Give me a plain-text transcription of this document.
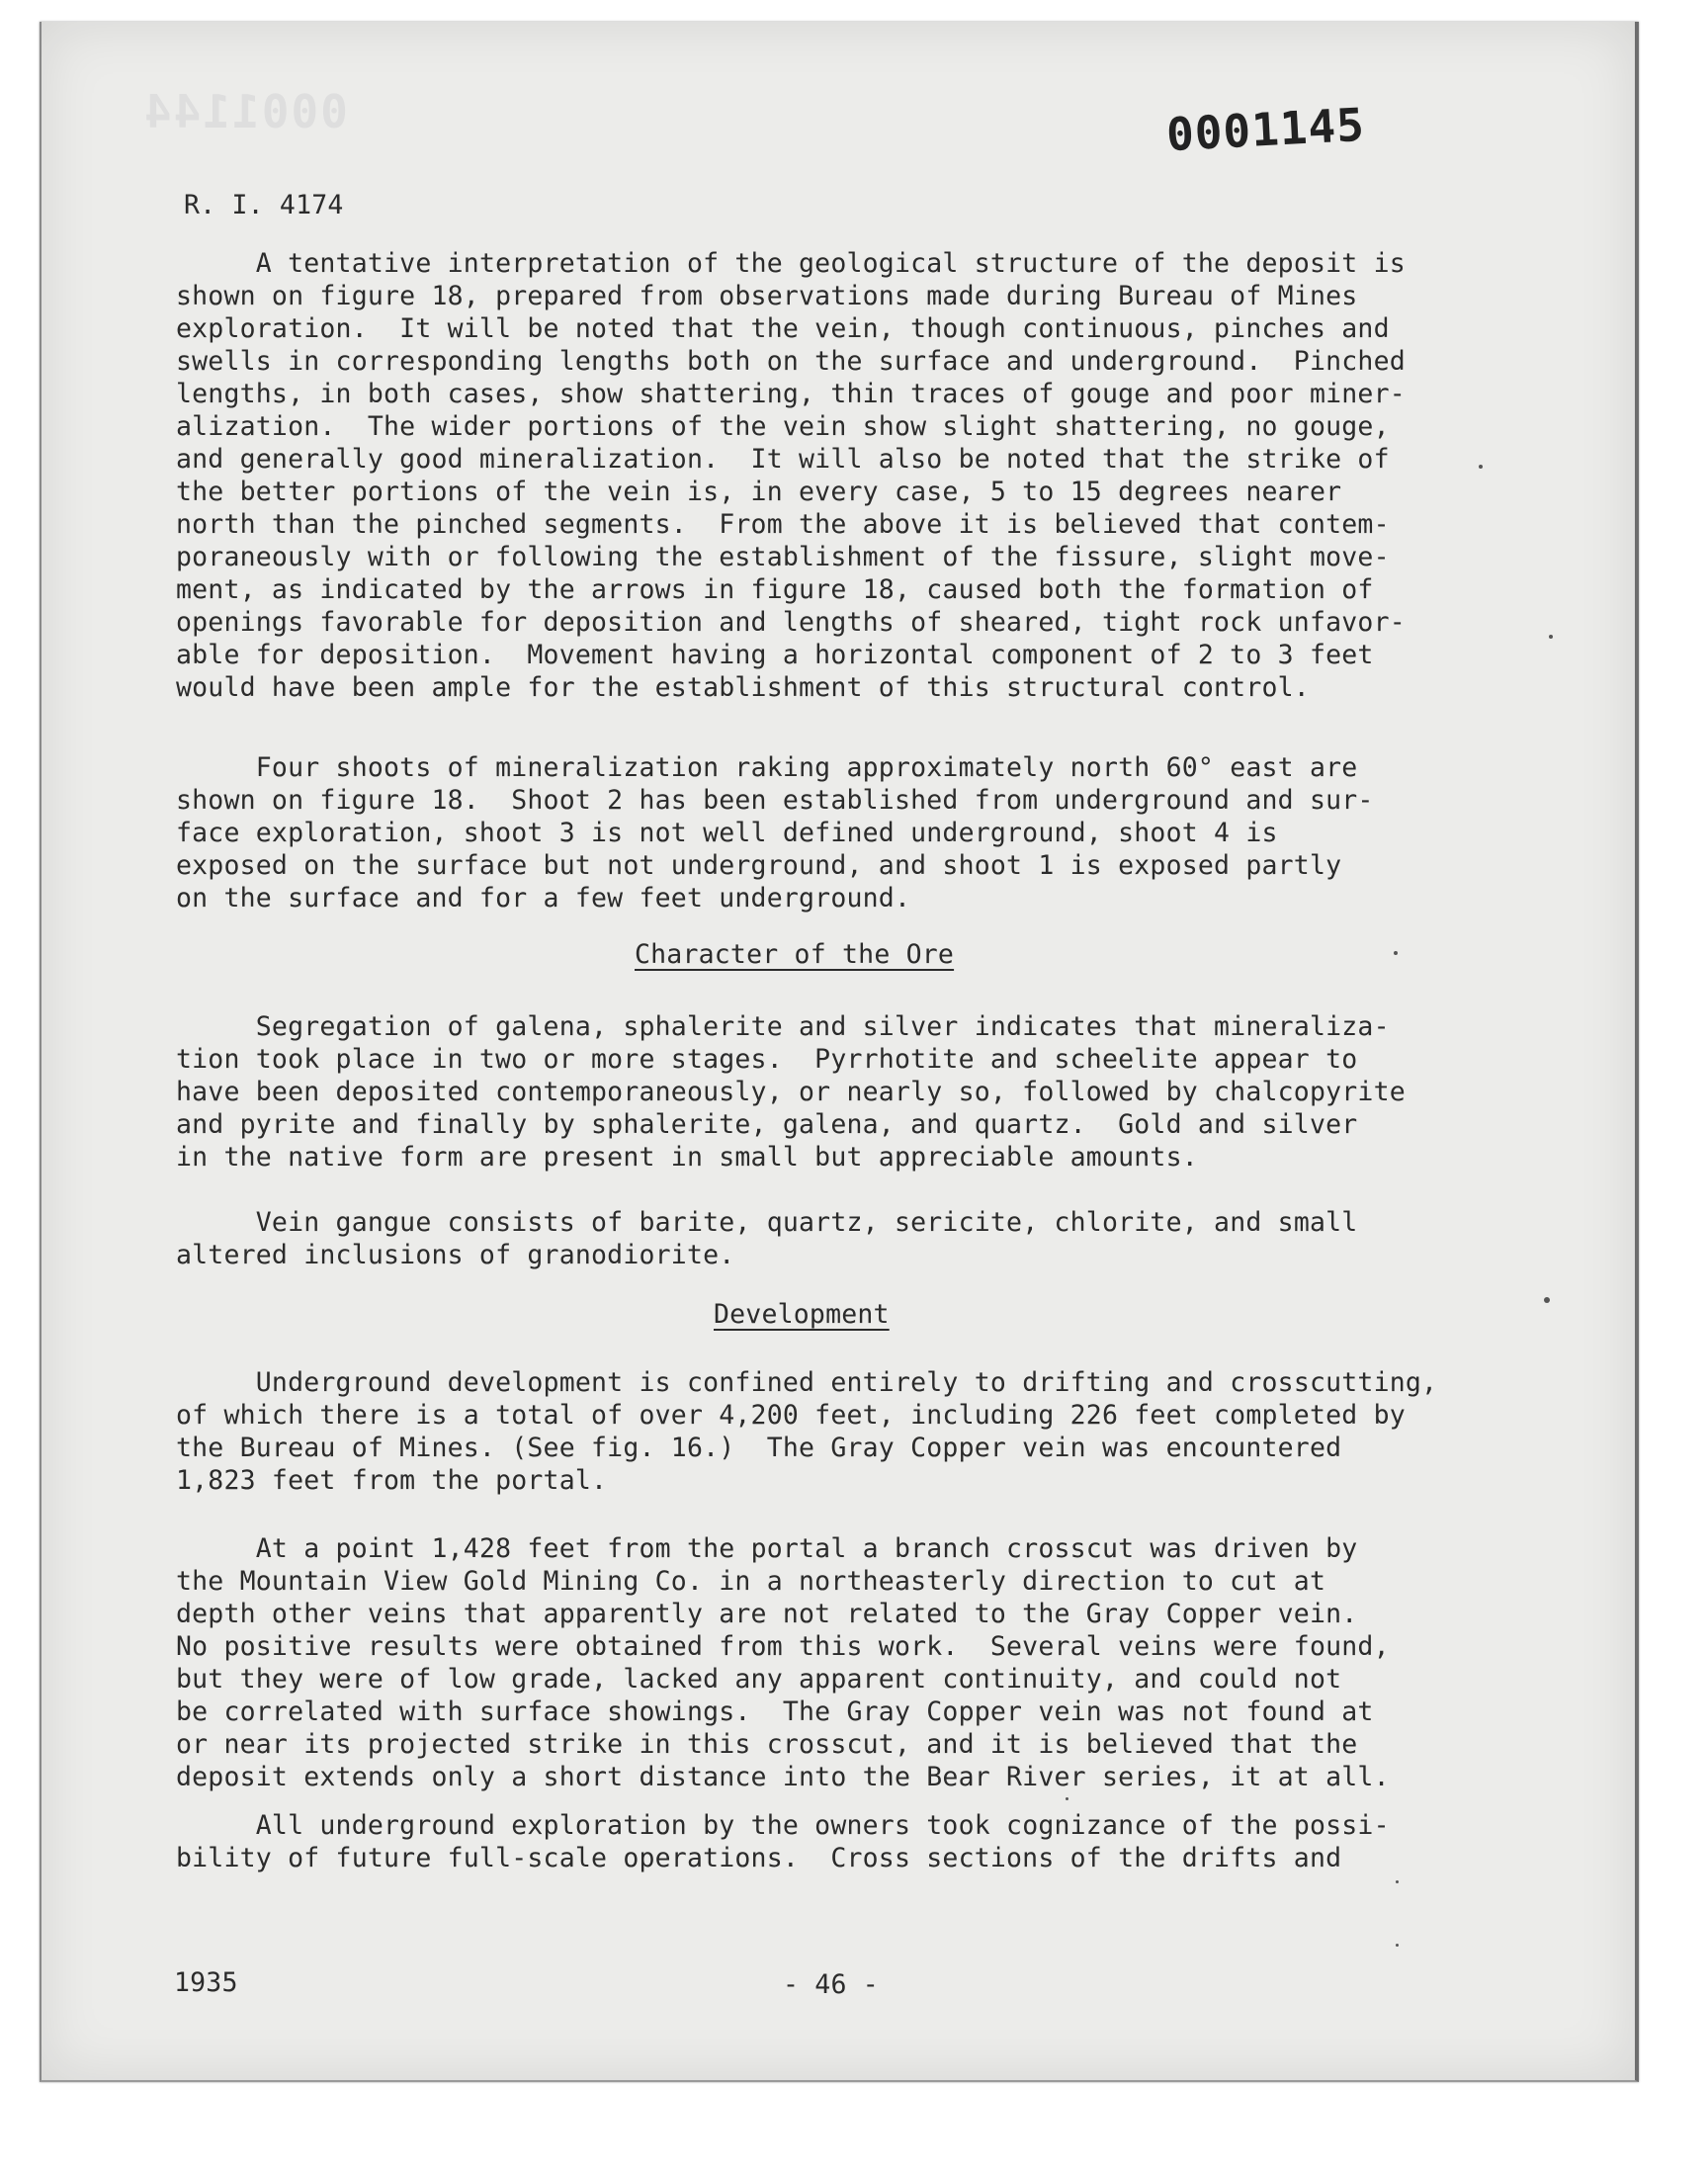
0001144	0001145
R. I. 4174

A tentative interpretation of the geological structure of the deposit is
shown on figure 18, prepared from observations made during Bureau of Mines
exploration.  It will be noted that the vein, though continuous, pinches and
swells in corresponding lengths both on the surface and underground.  Pinched
lengths, in both cases, show shattering, thin traces of gouge and poor miner-
alization.  The wider portions of the vein show slight shattering, no gouge,
and generally good mineralization.  It will also be noted that the strike of
the better portions of the vein is, in every case, 5 to 15 degrees nearer
north than the pinched segments.  From the above it is believed that contem-
poraneously with or following the establishment of the fissure, slight move-
ment, as indicated by the arrows in figure 18, caused both the formation of
openings favorable for deposition and lengths of sheared, tight rock unfavor-
able for deposition.  Movement having a horizontal component of 2 to 3 feet
would have been ample for the establishment of this structural control.

Four shoots of mineralization raking approximately north 60° east are
shown on figure 18.  Shoot 2 has been established from underground and sur-
face exploration, shoot 3 is not well defined underground, shoot 4 is
exposed on the surface but not underground, and shoot 1 is exposed partly
on the surface and for a few feet underground.

Character of the Ore

Segregation of galena, sphalerite and silver indicates that mineraliza-
tion took place in two or more stages.  Pyrrhotite and scheelite appear to
have been deposited contemporaneously, or nearly so, followed by chalcopyrite
and pyrite and finally by sphalerite, galena, and quartz.  Gold and silver
in the native form are present in small but appreciable amounts.

Vein gangue consists of barite, quartz, sericite, chlorite, and small
altered inclusions of granodiorite.

Development

Underground development is confined entirely to drifting and crosscutting,
of which there is a total of over 4,200 feet, including 226 feet completed by
the Bureau of Mines. (See fig. 16.)  The Gray Copper vein was encountered
1,823 feet from the portal.

At a point 1,428 feet from the portal a branch crosscut was driven by
the Mountain View Gold Mining Co. in a northeasterly direction to cut at
depth other veins that apparently are not related to the Gray Copper vein.
No positive results were obtained from this work.  Several veins were found,
but they were of low grade, lacked any apparent continuity, and could not
be correlated with surface showings.  The Gray Copper vein was not found at
or near its projected strike in this crosscut, and it is believed that the
deposit extends only a short distance into the Bear River series, it at all.

All underground exploration by the owners took cognizance of the possi-
bility of future full-scale operations.  Cross sections of the drifts and

1935	- 46 -
